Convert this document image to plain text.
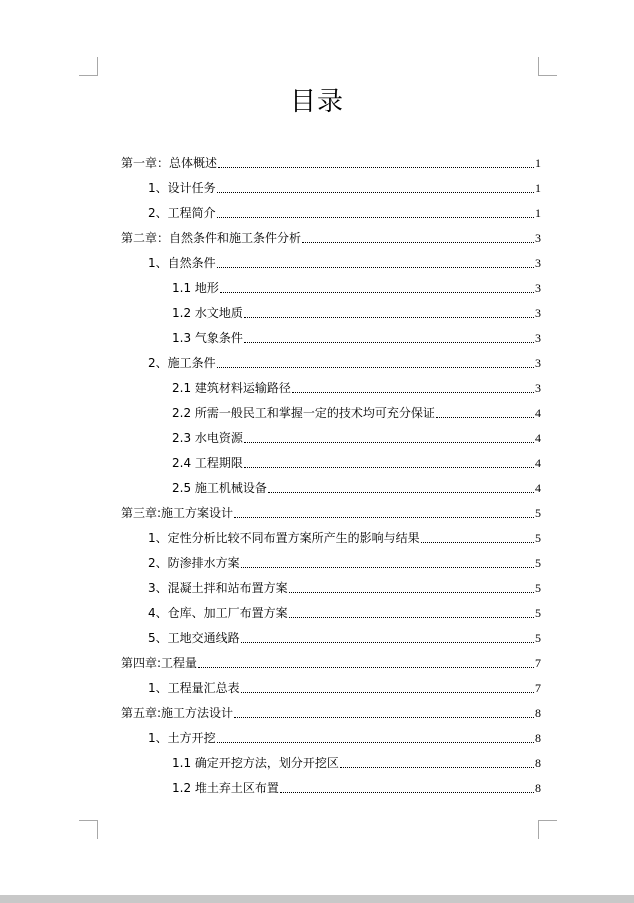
目录
第一章：总体概述	1
1、设计任务	1
2、工程简介	1
第二章：自然条件和施工条件分析	3
1、自然条件	3
1.1 地形	3
1.2 水文地质	3
1.3 气象条件	3
2、施工条件	3
2.1 建筑材料运输路径	3
2.2 所需一般民工和掌握一定的技术均可充分保证	4
2.3 水电资源	4
2.4 工程期限	4
2.5 施工机械设备	4
第三章:施工方案设计	5
1、定性分析比较不同布置方案所产生的影响与结果	5
2、防渗排水方案	5
3、混凝土拌和站布置方案	5
4、仓库、加工厂布置方案	5
5、工地交通线路	5
第四章:工程量	7
1、工程量汇总表	7
第五章:施工方法设计	8
1、土方开挖	8
1.1 确定开挖方法，划分开挖区	8
1.2 堆土弃土区布置	8
